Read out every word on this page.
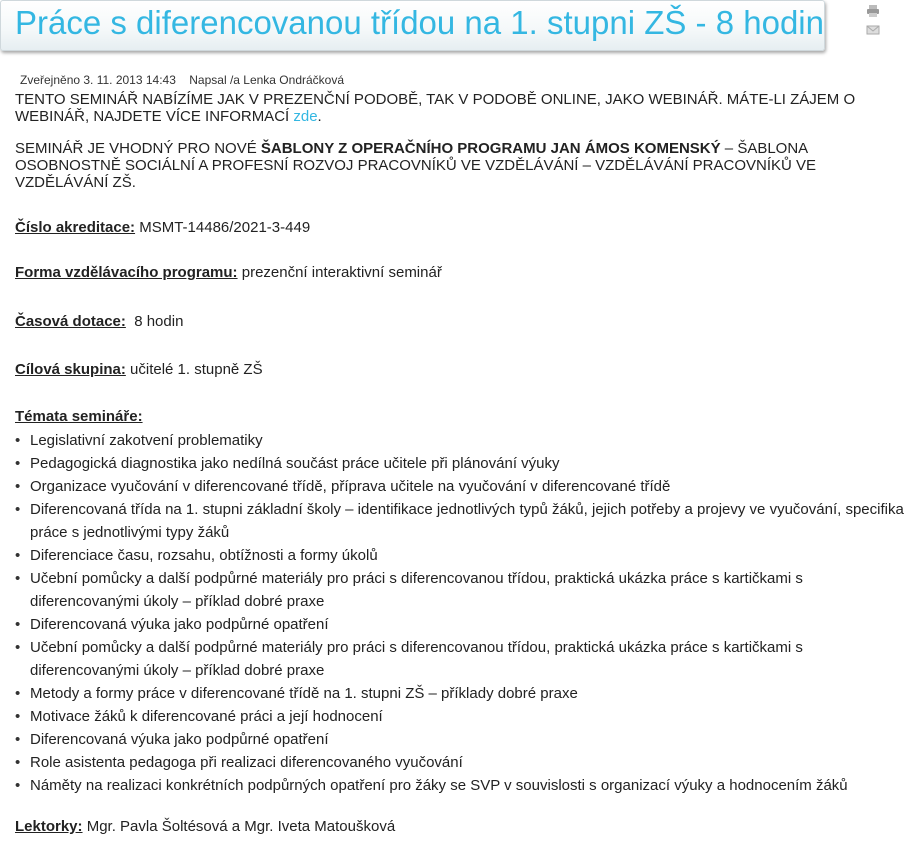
Práce s diferencovanou třídou na 1. stupni ZŠ - 8 hodin

Zveřejněno 3. 11. 2013 14:43 Napsal /a Lenka Ondráčková

TENTO SEMINÁŘ NABÍZÍME JAK V PREZENČNÍ PODOBĚ, TAK V PODOBĚ ONLINE, JAKO WEBINÁŘ. MÁTE-LI ZÁJEM O WEBINÁŘ, NAJDETE VÍCE INFORMACÍ zde.

SEMINÁŘ JE VHODNÝ PRO NOVÉ ŠABLONY Z OPERAČNÍHO PROGRAMU JAN ÁMOS KOMENSKÝ – ŠABLONA OSOBNOSTNĚ SOCIÁLNÍ A PROFESNÍ ROZVOJ PRACOVNÍKŮ VE VZDĚLÁVÁNÍ – VZDĚLÁVÁNÍ PRACOVNÍKŮ VE VZDĚLÁVÁNÍ ZŠ.

Číslo akreditace: MSMT-14486/2021-3-449
Forma vzdělávacího programu: prezenční interaktivní seminář
Časová dotace:  8 hodin
Cílová skupina: učitelé 1. stupně ZŠ
Témata semináře:
• Legislativní zakotvení problematiky
• Pedagogická diagnostika jako nedílná součást práce učitele při plánování výuky
• Organizace vyučování v diferencované třídě, příprava učitele na vyučování v diferencované třídě
• Diferencovaná třída na 1. stupni základní školy – identifikace jednotlivých typů žáků, jejich potřeby a projevy ve vyučování, specifika práce s jednotlivými typy žáků
• Diferenciace času, rozsahu, obtížnosti a formy úkolů
• Učební pomůcky a další podpůrné materiály pro práci s diferencovanou třídou, praktická ukázka práce s kartičkami s diferencovanými úkoly – příklad dobré praxe
• Diferencovaná výuka jako podpůrné opatření
• Učební pomůcky a další podpůrné materiály pro práci s diferencovanou třídou, praktická ukázka práce s kartičkami s diferencovanými úkoly – příklad dobré praxe
• Metody a formy práce v diferencované třídě na 1. stupni ZŠ – příklady dobré praxe
• Motivace žáků k diferencované práci a její hodnocení
• Diferencovaná výuka jako podpůrné opatření
• Role asistenta pedagoga při realizaci diferencovaného vyučování
• Náměty na realizaci konkrétních podpůrných opatření pro žáky se SVP v souvislosti s organizací výuky a hodnocením žáků
Lektorky: Mgr. Pavla Šoltésová a Mgr. Iveta Matoušková
